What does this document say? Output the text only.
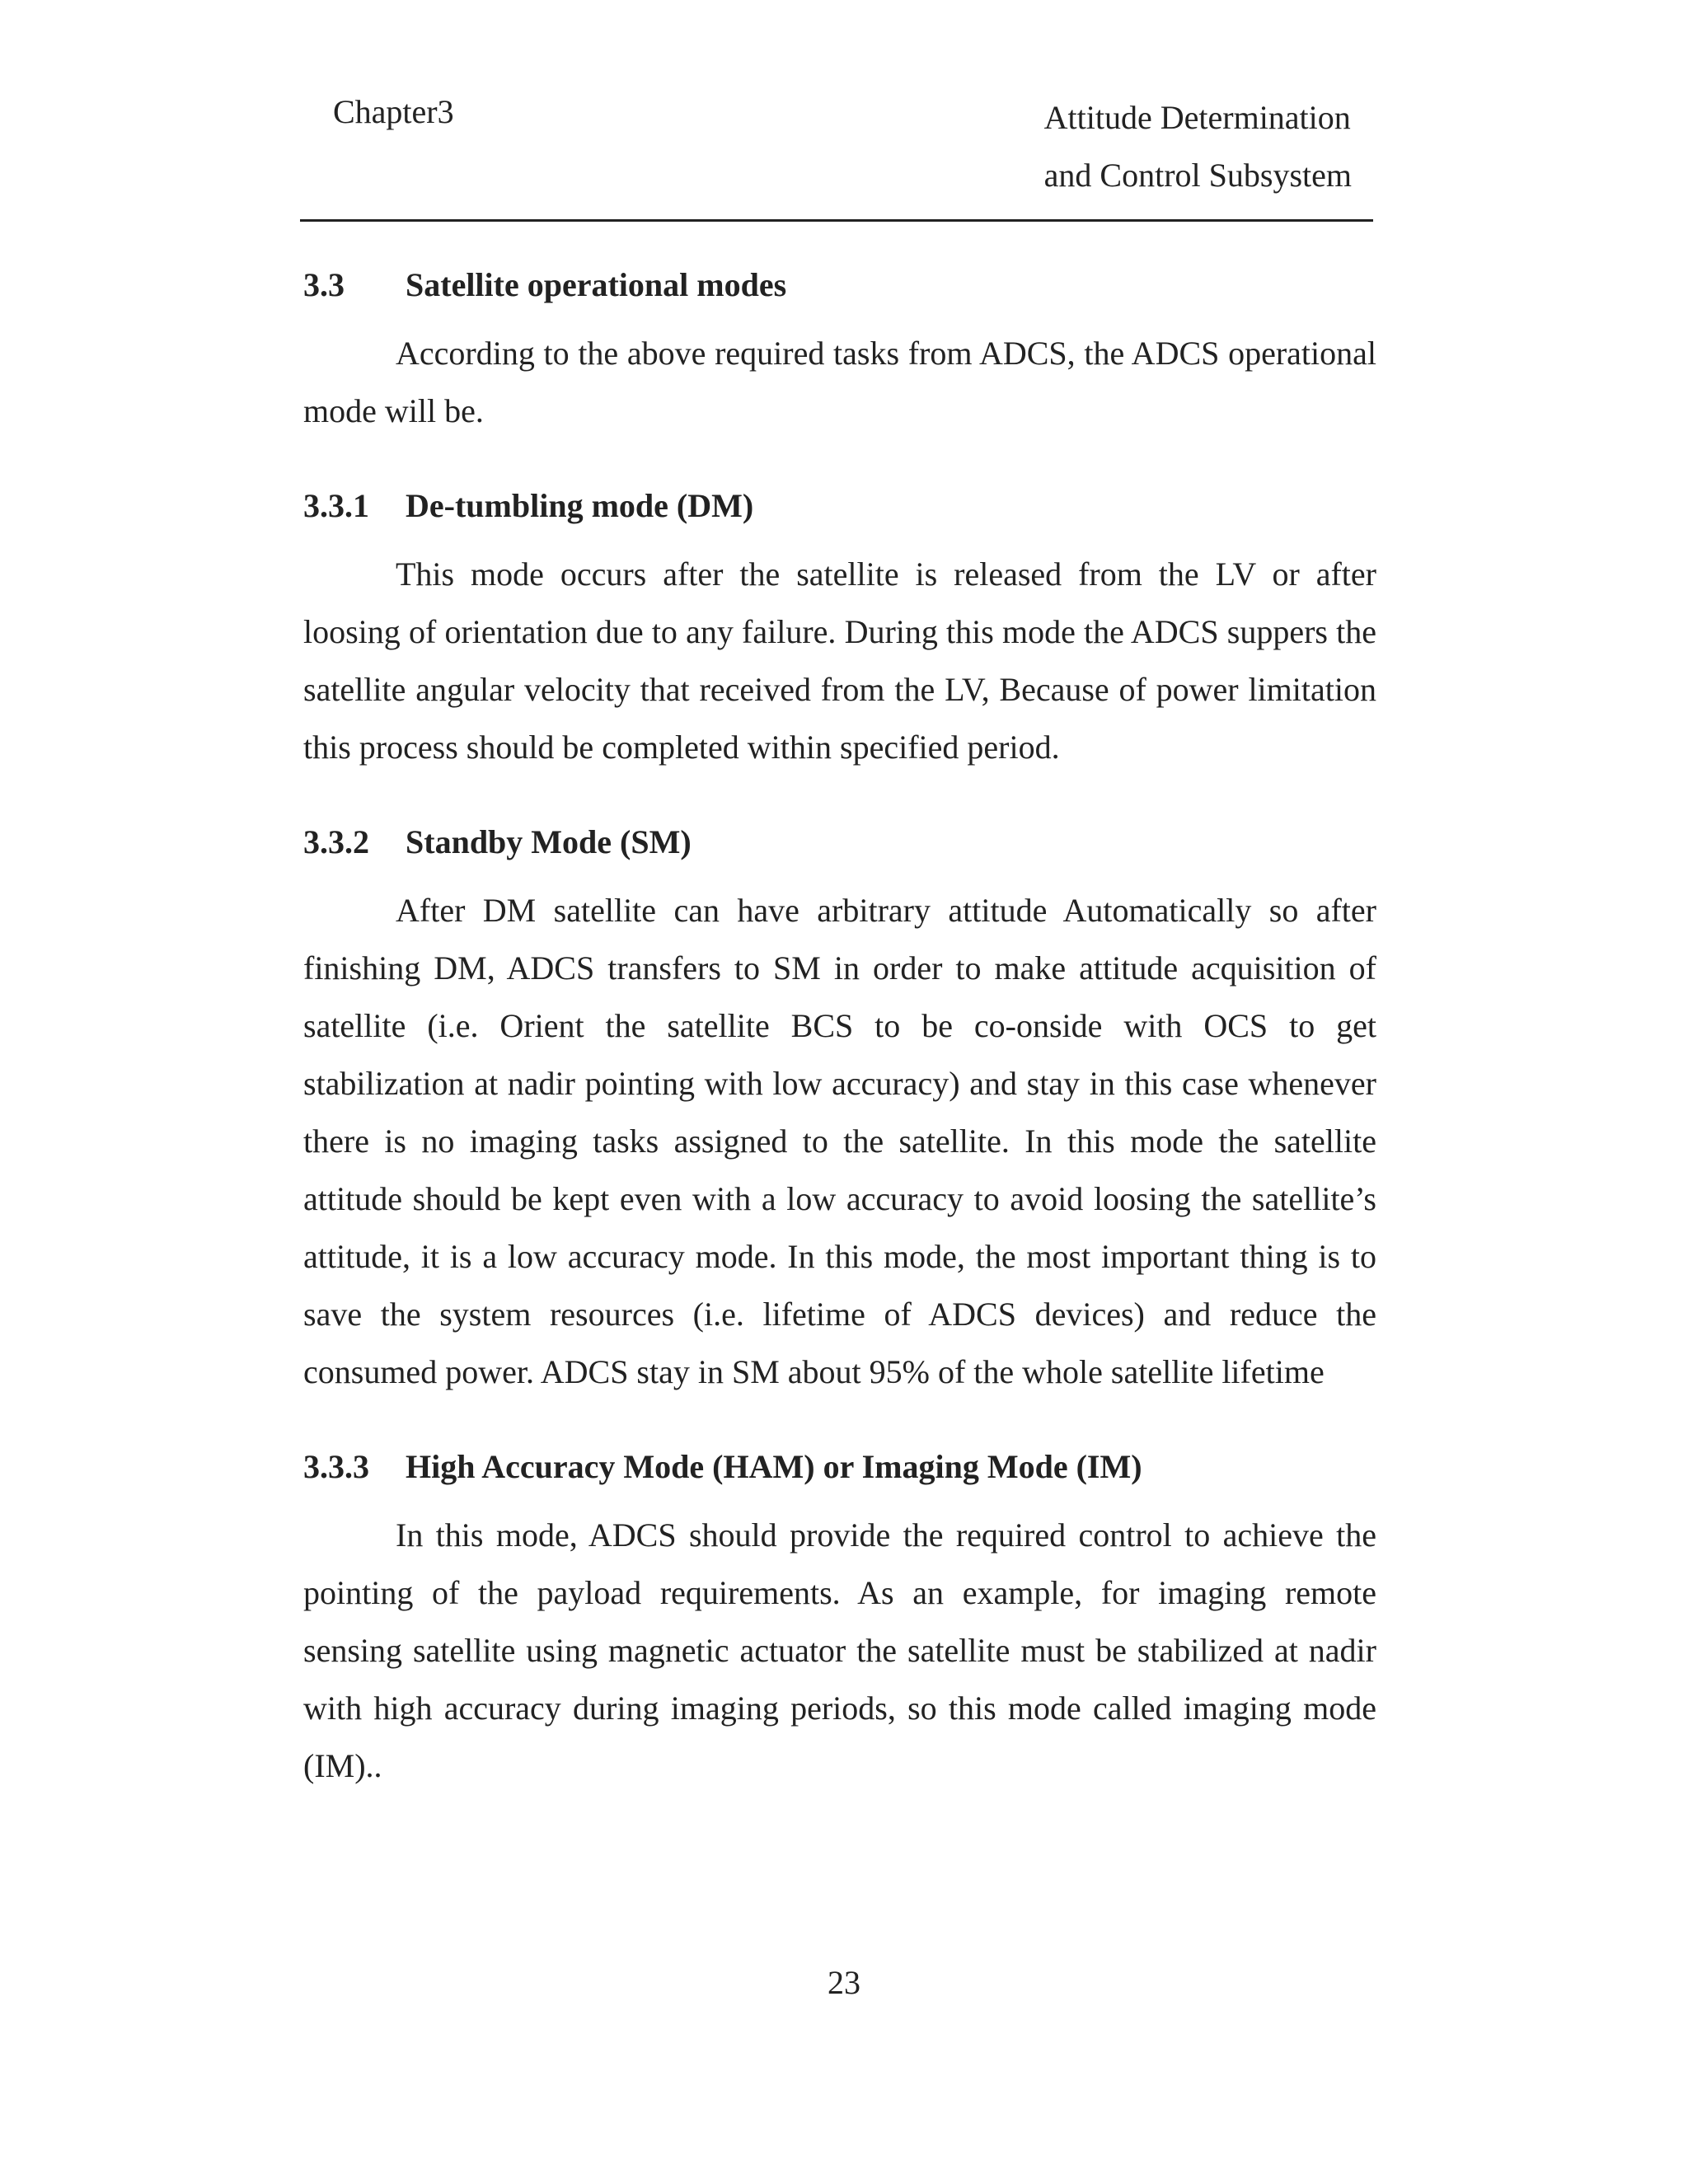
Chapter3	Attitude Determination
and Control Subsystem
3.3 Satellite operational modes

According to the above required tasks from ADCS, the ADCS operational mode will be.

3.3.1 De-tumbling mode (DM)

This mode occurs after the satellite is released from the LV or after loosing of orientation due to any failure. During this mode the ADCS suppers the satellite angular velocity that received from the LV, Because of power limitation this process should be completed within specified period.

3.3.2 Standby Mode (SM)

After DM satellite can have arbitrary attitude Automatically so after finishing DM, ADCS transfers to SM in order to make attitude acquisition of satellite (i.e. Orient the satellite BCS to be co-onside with OCS to get stabilization at nadir pointing with low accuracy) and stay in this case whenever there is no imaging tasks assigned to the satellite. In this mode the satellite attitude should be kept even with a low accuracy to avoid loosing the satellite’s attitude, it is a low accuracy mode. In this mode, the most important thing is to save the system resources (i.e. lifetime of ADCS devices) and reduce the consumed power. ADCS stay in SM about 95% of the whole satellite lifetime

3.3.3 High Accuracy Mode (HAM) or Imaging Mode (IM)

In this mode, ADCS should provide the required control to achieve the pointing of the payload requirements. As an example, for imaging remote sensing satellite using magnetic actuator the satellite must be stabilized at nadir with high accuracy during imaging periods, so this mode called imaging mode (IM)..

23
